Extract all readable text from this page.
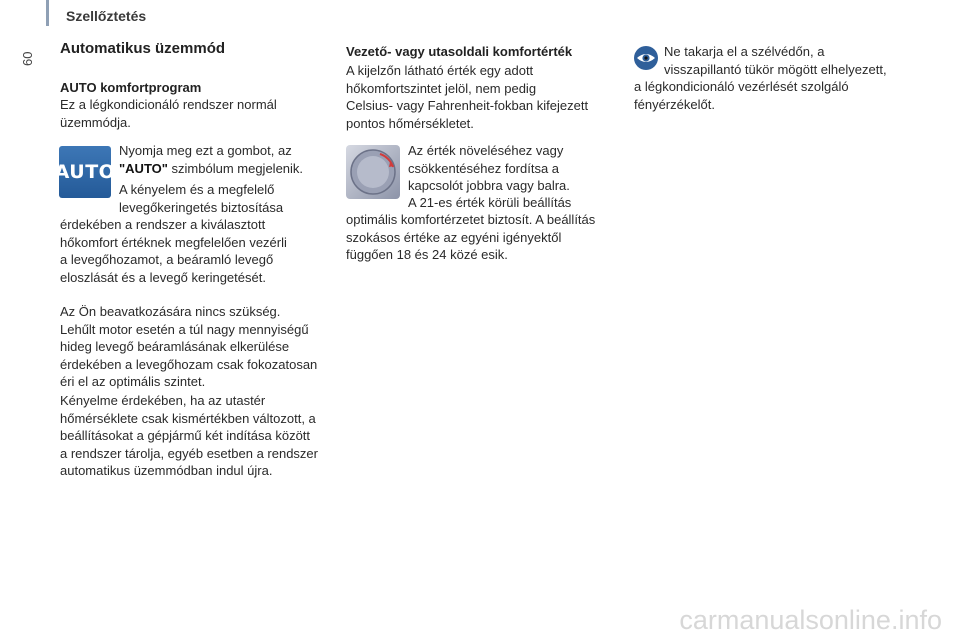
60
Szellőztetés
Automatikus üzemmód
AUTO komfortprogram

Ez a légkondicionáló rendszer normál
üzemmódja.

AUTO

Nyomja meg ezt a gombot, az
"AUTO" szimbólum megjelenik.

A kényelem és a megfelelő
levegőkeringetés biztosítása

érdekében a rendszer a kiválasztott
hőkomfort értéknek megfelelően vezérli
a levegőhozamot, a beáramló levegő
eloszlását és a levegő keringetését.

Az Ön beavatkozására nincs szükség.
Lehűlt motor esetén a túl nagy mennyiségű
hideg levegő beáramlásának elkerülése
érdekében a levegőhozam csak fokozatosan
éri el az optimális szintet.

Kényelme érdekében, ha az utastér
hőmérséklete csak kismértékben változott, a
beállításokat a gépjármű két indítása között
a rendszer tárolja, egyéb esetben a rendszer
automatikus üzemmódban indul újra.

Vezető- vagy utasoldali komfortérték

A kijelzőn látható érték egy adott
hőkomfortszintet jelöl, nem pedig
Celsius- vagy Fahrenheit-fokban kifejezett
pontos hőmérsékletet.

Az érték növeléséhez vagy
csökkentéséhez fordítsa a
kapcsolót jobbra vagy balra.

A 21-es érték körüli beállítás

optimális komfortérzetet biztosít. A beállítás
szokásos értéke az egyéni igényektől
függően 18 és 24 közé esik.

Ne takarja el a szélvédőn, a
visszapillantó tükör mögött elhelyezett,

a légkondicionáló vezérlését szolgáló
fényérzékelőt.

carmanualsonline.info
